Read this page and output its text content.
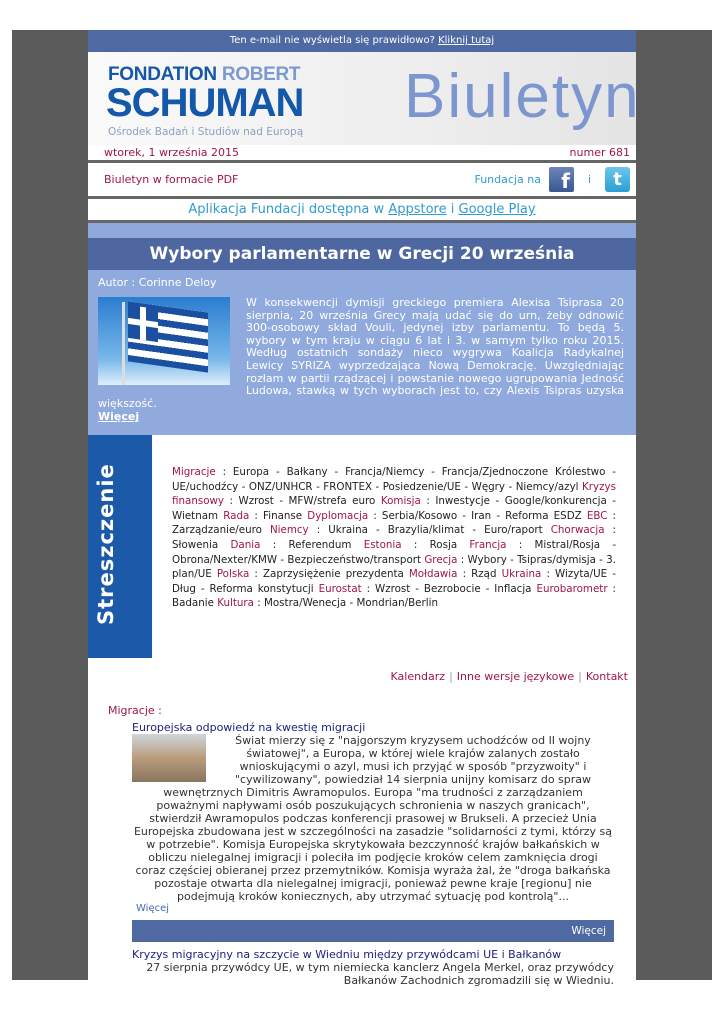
Ten e-mail nie wyświetla się prawidłowo? Kliknij tutaj
FONDATION ROBERT
SCHUMAN
Ośrodek Badań i Studiów nad Europą
Biuletyn
wtorek, 1 września 2015	numer 681
Biuletyn w formacie PDF	Fundacja na	f	i	t
Aplikacja Fundacji dostępna w Appstore i Google Play
Wybory parlamentarne w Grecji 20 września
Autor : Corinne Deloy
W konsekwencji dymisji greckiego premiera Alexisa Tsiprasa 20 sierpnia, 20 września Grecy mają udać się do urn, żeby odnowić 300-osobowy skład Vouli, jedynej izby parlamentu. To będą 5. wybory w tym kraju w ciągu 6 lat i 3. w samym tylko roku 2015. Według ostatnich sondaży nieco wygrywa Koalicja Radykalnej Lewicy SYRIZA wyprzedzająca Nową Demokrację. Uwzględniając rozłam w partii rządzącej i powstanie nowego ugrupowania Jedność Ludowa, stawką w tych wyborach jest to, czy Alexis Tsipras uzyska większość.
Więcej
Streszczenie	Migracje : Europa - Bałkany - Francja/Niemcy - Francja/Zjednoczone Królestwo - UE/uchodźcy - ONZ/UNHCR - FRONTEX - Posiedzenie/UE - Węgry - Niemcy/azyl Kryzys finansowy : Wzrost - MFW/strefa euro Komisja : Inwestycje - Google/konkurencja - Wietnam Rada : Finanse Dyplomacja : Serbia/Kosowo - Iran - Reforma ESDZ EBC : Zarządzanie/euro Niemcy : Ukraina - Brazylia/klimat - Euro/raport Chorwacja : Słowenia Dania : Referendum Estonia : Rosja Francja : Mistral/Rosja - Obrona/Nexter/KMW - Bezpieczeństwo/transport Grecja : Wybory - Tsipras/dymisja - 3. plan/UE Polska : Zaprzysiężenie prezydenta Mołdawia : Rząd Ukraina : Wizyta/UE - Dług - Reforma konstytucji Eurostat : Wzrost - Bezrobocie - Inflacja Eurobarometr : Badanie Kultura : Mostra/Wenecja - Mondrian/Berlin
Kalendarz | Inne wersje językowe | Kontakt
Migracje :
Europejska odpowiedź na kwestię migracji
Świat mierzy się z "najgorszym kryzysem uchodźców od II wojny światowej", a Europa, w której wiele krajów zalanych zostało wnioskującymi o azyl, musi ich przyjąć w sposób "przyzwoity" i "cywilizowany", powiedział 14 sierpnia unijny komisarz do spraw wewnętrznych Dimitris Awramopulos. Europa "ma trudności z zarządzaniem poważnymi napływami osób poszukujących schronienia w naszych granicach", stwierdził Awramopulos podczas konferencji prasowej w Brukseli. A przecież Unia Europejska zbudowana jest w szczególności na zasadzie "solidarności z tymi, którzy są w potrzebie". Komisja Europejska skrytykowała bezczynność krajów bałkańskich w obliczu nielegalnej imigracji i poleciła im podjęcie kroków celem zamknięcia drogi coraz częściej obieranej przez przemytników. Komisja wyraża żal, że "droga bałkańska pozostaje otwarta dla nielegalnej imigracji, ponieważ pewne kraje [regionu] nie podejmują kroków koniecznych, aby utrzymać sytuację pod kontrolą"...
Więcej
Więcej
Kryzys migracyjny na szczycie w Wiedniu między przywódcami UE i Bałkanów
27 sierpnia przywódcy UE, w tym niemiecka kanclerz Angela Merkel, oraz przywódcy Bałkanów Zachodnich zgromadzili się w Wiedniu.
